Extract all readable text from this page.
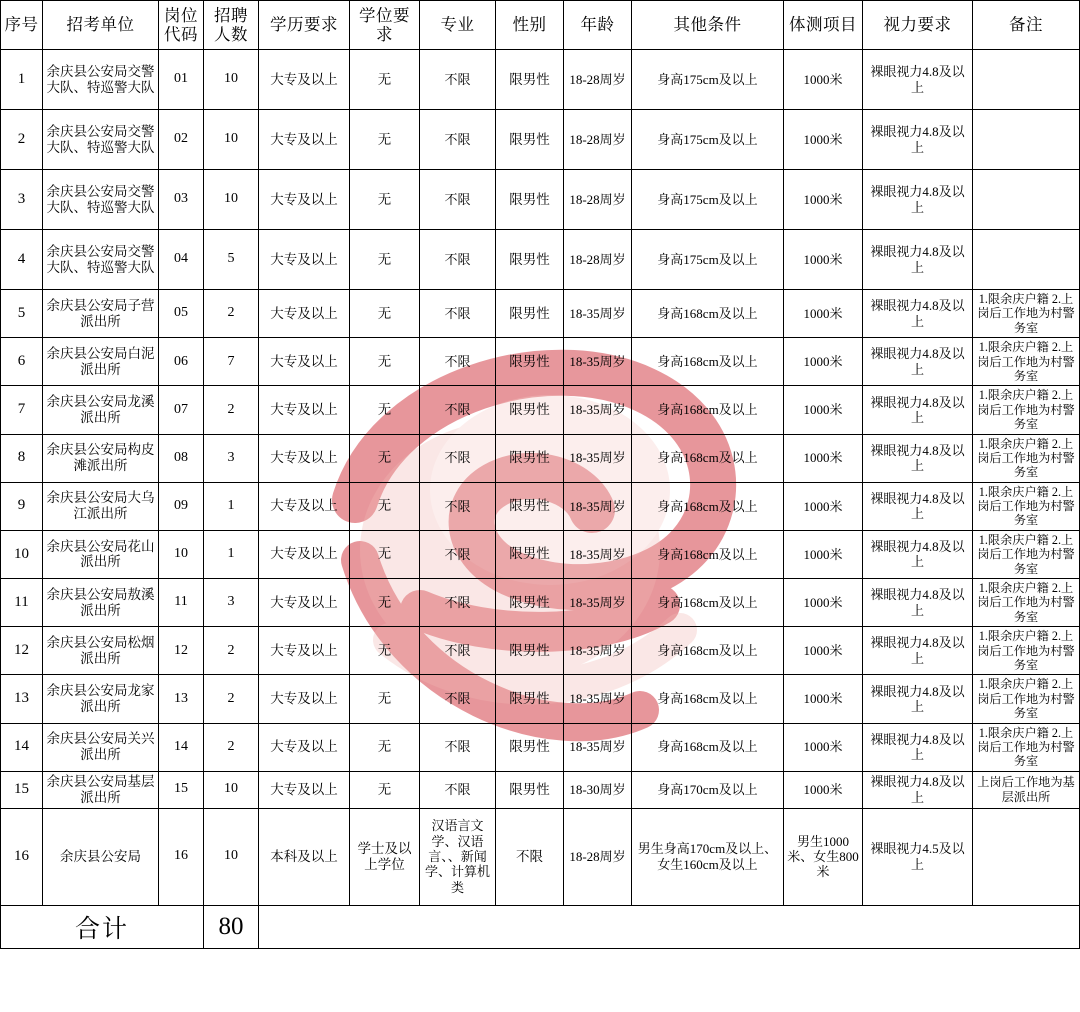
序号	招考单位	岗位代码	招聘人数	学历要求	学位要求	专业	性别	年龄	其他条件	体测项目	视力要求	备注
1	余庆县公安局交警大队、特巡警大队	01	10	大专及以上	无	不限	限男性	18-28周岁	身高175cm及以上	1000米	裸眼视力4.8及以上	
2	余庆县公安局交警大队、特巡警大队	02	10	大专及以上	无	不限	限男性	18-28周岁	身高175cm及以上	1000米	裸眼视力4.8及以上	
3	余庆县公安局交警大队、特巡警大队	03	10	大专及以上	无	不限	限男性	18-28周岁	身高175cm及以上	1000米	裸眼视力4.8及以上	
4	余庆县公安局交警大队、特巡警大队	04	5	大专及以上	无	不限	限男性	18-28周岁	身高175cm及以上	1000米	裸眼视力4.8及以上	
5	余庆县公安局子营派出所	05	2	大专及以上	无	不限	限男性	18-35周岁	身高168cm及以上	1000米	裸眼视力4.8及以上	1.限余庆户籍 2.上岗后工作地为村警务室
6	余庆县公安局白泥派出所	06	7	大专及以上	无	不限	限男性	18-35周岁	身高168cm及以上	1000米	裸眼视力4.8及以上	1.限余庆户籍 2.上岗后工作地为村警务室
7	余庆县公安局龙溪派出所	07	2	大专及以上	无	不限	限男性	18-35周岁	身高168cm及以上	1000米	裸眼视力4.8及以上	1.限余庆户籍 2.上岗后工作地为村警务室
8	余庆县公安局构皮滩派出所	08	3	大专及以上	无	不限	限男性	18-35周岁	身高168cm及以上	1000米	裸眼视力4.8及以上	1.限余庆户籍 2.上岗后工作地为村警务室
9	余庆县公安局大乌江派出所	09	1	大专及以上	无	不限	限男性	18-35周岁	身高168cm及以上	1000米	裸眼视力4.8及以上	1.限余庆户籍 2.上岗后工作地为村警务室
10	余庆县公安局花山派出所	10	1	大专及以上	无	不限	限男性	18-35周岁	身高168cm及以上	1000米	裸眼视力4.8及以上	1.限余庆户籍 2.上岗后工作地为村警务室
11	余庆县公安局敖溪派出所	11	3	大专及以上	无	不限	限男性	18-35周岁	身高168cm及以上	1000米	裸眼视力4.8及以上	1.限余庆户籍 2.上岗后工作地为村警务室
12	余庆县公安局松烟派出所	12	2	大专及以上	无	不限	限男性	18-35周岁	身高168cm及以上	1000米	裸眼视力4.8及以上	1.限余庆户籍 2.上岗后工作地为村警务室
13	余庆县公安局龙家派出所	13	2	大专及以上	无	不限	限男性	18-35周岁	身高168cm及以上	1000米	裸眼视力4.8及以上	1.限余庆户籍 2.上岗后工作地为村警务室
14	余庆县公安局关兴派出所	14	2	大专及以上	无	不限	限男性	18-35周岁	身高168cm及以上	1000米	裸眼视力4.8及以上	1.限余庆户籍 2.上岗后工作地为村警务室
15	余庆县公安局基层派出所	15	10	大专及以上	无	不限	限男性	18-30周岁	身高170cm及以上	1000米	裸眼视力4.8及以上	上岗后工作地为基层派出所
16	余庆县公安局	16	10	本科及以上	学士及以上学位	汉语言文学、汉语言、、新闻学、计算机类	不限	18-28周岁	男生身高170cm及以上、女生160cm及以上	男生1000米、女生800米	裸眼视力4.5及以上	
合计	80	
